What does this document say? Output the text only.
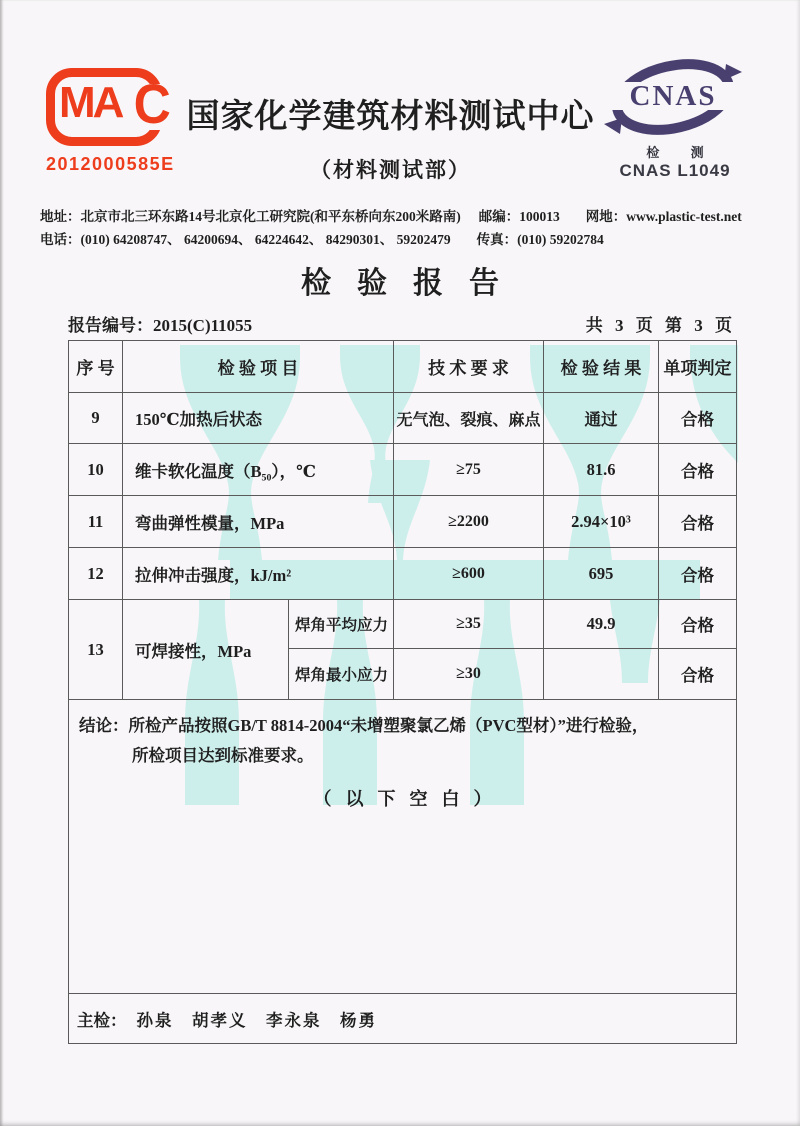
MA C
2012000585E
国家化学建筑材料测试中心
（材料测试部）
CNAS
检 测
CNAS L1049
地址：北京市北三环东路14号北京化工研究院(和平东桥向东200米路南) 邮编：100013 网地：www.plastic-test.net
电话：(010) 64208747、 64200694、 64224642、 84290301、 59202479 传真：(010) 59202784
检验报告
报告编号：2015(C)11055	共 3 页 第 3 页
序 号	检 验 项 目		技 术 要 求	检 验 结 果	单项判定
9	150℃加热后状态		无气泡、裂痕、麻点	通过	合格
10	维卡软化温度（B₅₀），℃		≥75	81.6	合格
11	弯曲弹性模量，MPa		≥2200	2.94×10³	合格
12	拉伸冲击强度，kJ/m²		≥600	695	合格
13	可焊接性，MPa	焊角平均应力	≥35	49.9	合格
		焊角最小应力	≥30		合格

结论：所检产品按照GB/T 8814-2004“未增塑聚氯乙烯（PVC型材）”进行检验，
所检项目达到标准要求。
（以下空白）					

主检： 孙泉　胡孝义　李永泉　杨勇					
